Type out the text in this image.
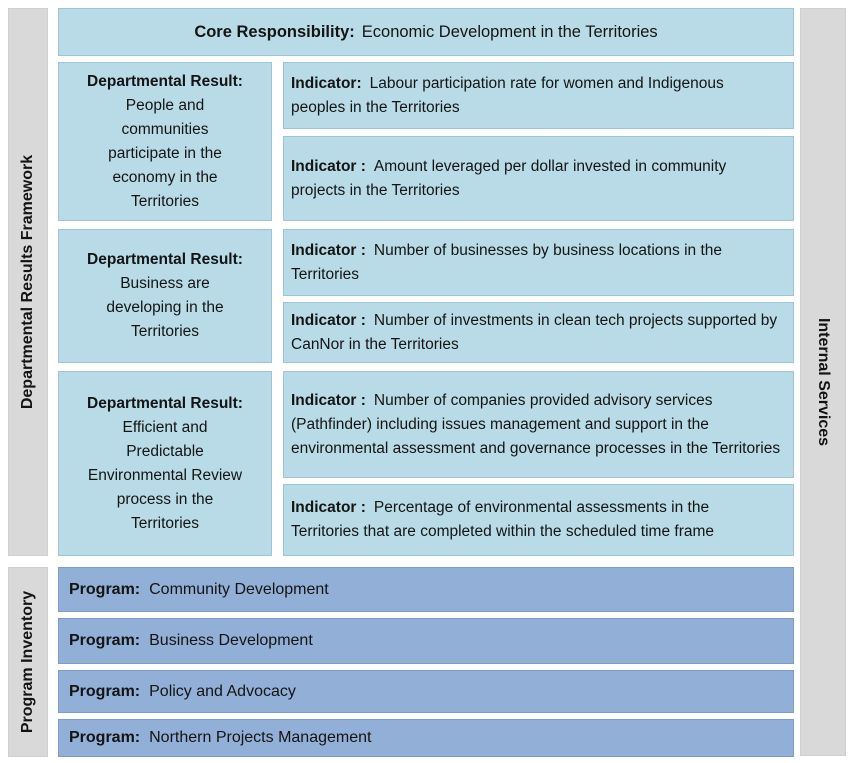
Departmental Results Framework
Program Inventory
Internal Services
Core Responsibility: Economic Development in the Territories
Departmental Result:
People and
communities
participate in the
economy in the
Territories
Departmental Result:
Business are
developing in the
Territories
Departmental Result:
Efficient and
Predictable
Environmental Review
process in the
Territories

Indicator: Labour participation rate for women and Indigenous peoples in the Territories

Indicator : Amount leveraged per dollar invested in community projects in the Territories

Indicator : Number of businesses by business locations in the Territories

Indicator : Number of investments in clean tech projects supported by CanNor in the Territories

Indicator : Number of companies provided advisory services (Pathfinder) including issues management and support in the environmental assessment and governance processes in the Territories

Indicator : Percentage of environmental assessments in the Territories that are completed within the scheduled time frame

Program: Community Development
Program: Business Development
Program: Policy and Advocacy
Program: Northern Projects Management
